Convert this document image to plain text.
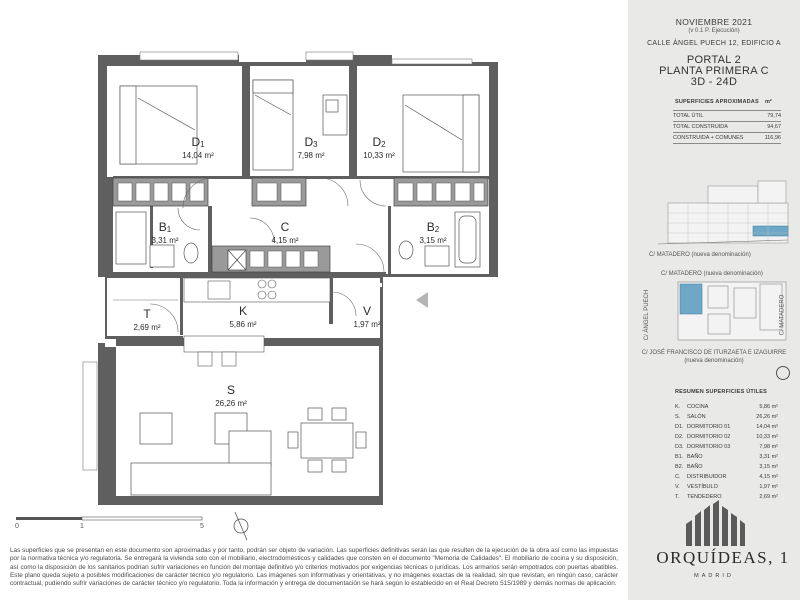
$D_1$
14,04 m²
$D_3$
7,98 m²
$D_2$
10,33 m²
$B_1$
3,31 m²
C
4,15 m²
$B_2$
3,15 m²
T
2,69 m²
K
5,86 m²
V
1,97 m²
S
26,26 m²
0	1	5
Las superficies que se presentan en este documento son aproximadas y por tanto, podrán ser objeto de variación. Las superficies definitivas serán las que resulten de la ejecución de la obra así como las impuestas por la normativa técnica y/o regulatoria. Se entregará la vivienda solo con el mobiliario, electrodomésticos y calidades que consten en el documento "Memoria de Calidades". El mobiliario de cocina y su disposición, así como la disposición de los sanitarios podrían sufrir variaciones en función del montaje definitivo y/o criterios motivados por exigencias técnicas o jurídicas. Los armarios serán empotrados con puertas abatibles. Este plano queda sujeto a posibles modificaciones de carácter técnico y/o regulatorio. Las imágenes son informativas y orientativas, y no imágenes exactas de la realidad, sin que revistan, en ningún caso, carácter contractual, pudiendo sufrir variaciones de carácter técnico y/o regulatorio. Toda la información y entrega de documentación se hará según lo establecido en el Real Decreto 515/1989 y demás normas de aplicación.
NOVIEMBRE 2021
(v 0.1 P. Ejecución)
CALLE ÁNGEL PUECH 12, EDIFICIO A
PORTAL 2
PLANTA PRIMERA C
3D - 24D
SUPERFICIES APROXIMADAS m²
TOTAL ÚTIL	79,74
TOTAL CONSTRUIDA	94,67
CONSTRUIDA + COMUNES	116,96
C/ MATADERO (nueva denominación)
C/ MATADERO (nueva denominación)
C/ ÁNGEL PUECH	C/ MATADERO
C/ JOSÉ FRANCISCO DE ITURZAETA E IZAGUIRRE
(nueva denominación)
RESUMEN SUPERFICIES ÚTILES
K.	COCINA	5,86 m²
S.	SALÓN	26,26 m²
D1. DORMITORIO 01	14,04 m²
D2. DORMITORIO 02	10,33 m²
D3. DORMITORIO 03	7,98 m²
B1. BAÑO	3,31 m²
B2. BAÑO	3,15 m²
C.	DISTRIBUIDOR	4,15 m²
V.	VESTÍBULO	1,97 m²
T.	TENDEDERO	2,69 m²
ORQUÍDEAS, 1
MADRID
